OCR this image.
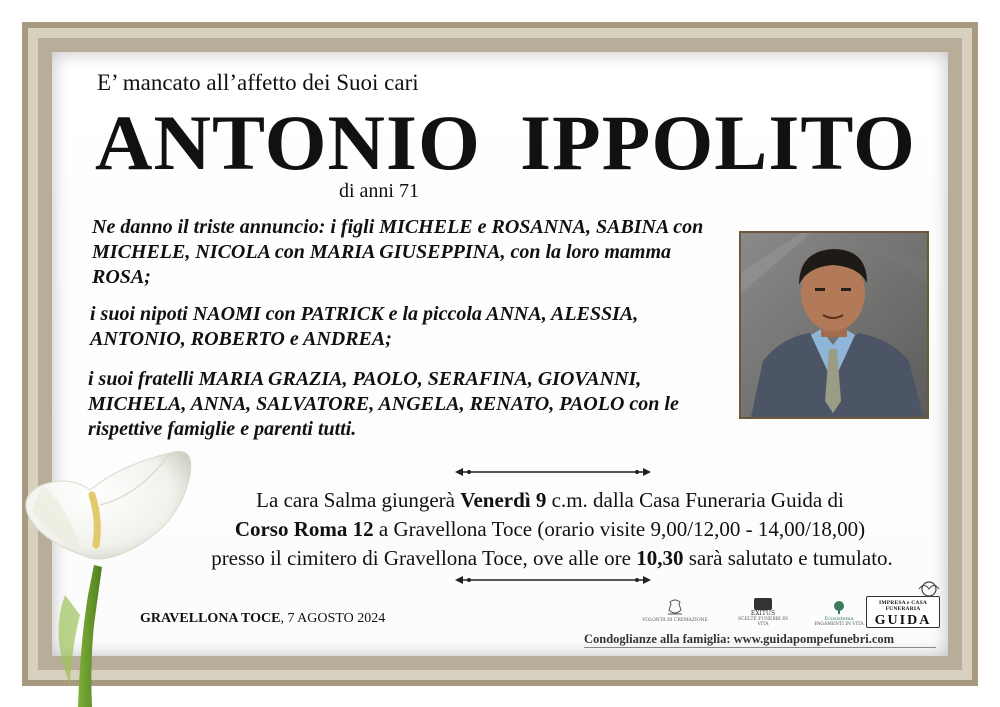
E’ mancato all’affetto dei Suoi cari
ANTONIO IPPOLITO
di anni 71
Ne danno il triste annuncio: i figli MICHELE e ROSANNA, SABINA con MICHELE, NICOLA con MARIA GIUSEPPINA, con la loro mamma ROSA;
i suoi nipoti NAOMI con PATRICK e la piccola ANNA, ALESSIA, ANTONIO, ROBERTO e ANDREA;
i suoi fratelli MARIA GRAZIA, PAOLO, SERAFINA, GIOVANNI, MICHELA, ANNA, SALVATORE, ANGELA, RENATO, PAOLO con le rispettive famiglie e parenti tutti.
La cara Salma giungerà Venerdì 9 c.m. dalla Casa Funeraria Guida di
Corso Roma 12 a Gravellona Toce (orario visite 9,00/12,00 - 14,00/18,00)
presso il cimitero di Gravellona Toce, ove alle ore 10,30 sarà salutato e tumulato.
GRAVELLONA TOCE, 7 AGOSTO 2024	VOLONTÀ DI CREMAZIONE
EXITUS
SCELTE FUNEBRI IN VITA
Ecosistema
PAGAMENTI IN VITA
IMPRESA e CASA FUNERARIA
GUIDA
Condoglianze alla famiglia: www.guidapompefunebri.com
